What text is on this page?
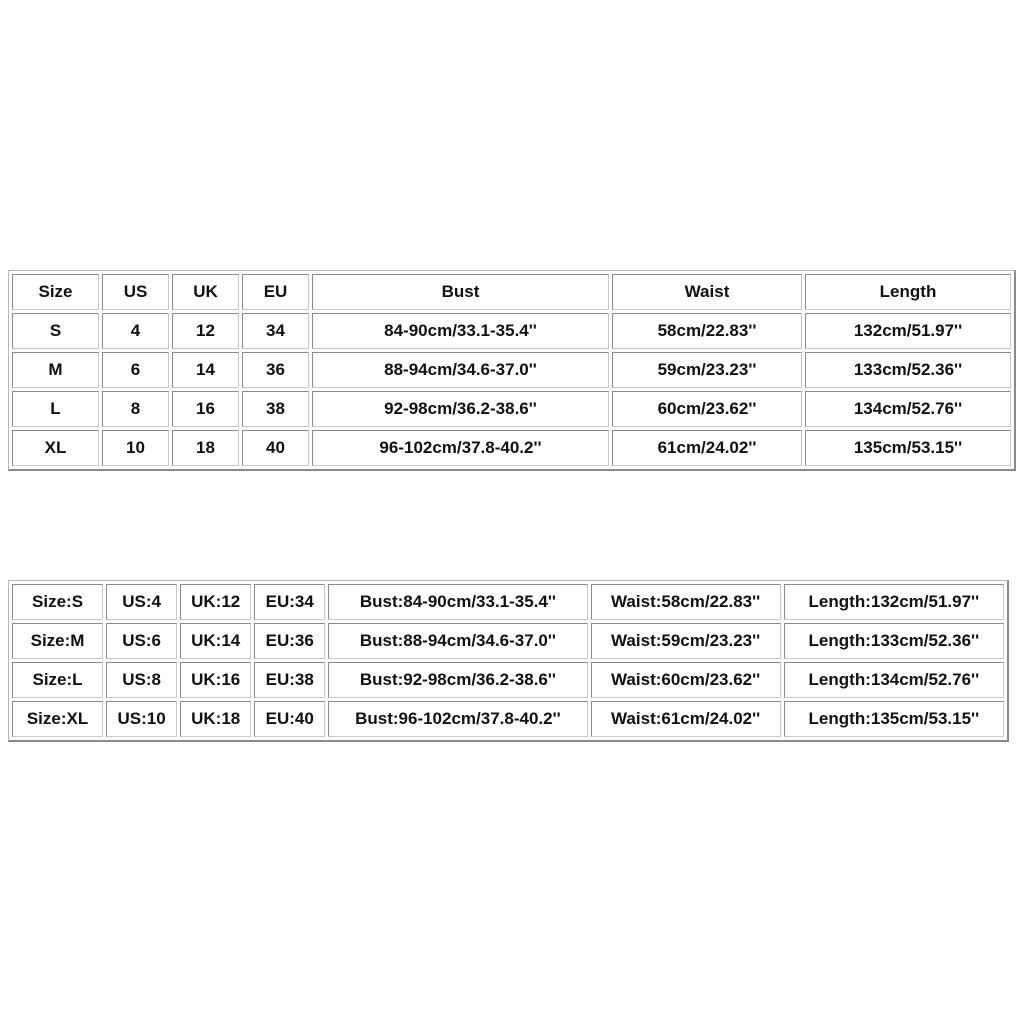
Size	US	UK	EU	Bust	Waist	Length
S	4	12	34	84-90cm/33.1-35.4''	58cm/22.83''	132cm/51.97''
M	6	14	36	88-94cm/34.6-37.0''	59cm/23.23''	133cm/52.36''
L	8	16	38	92-98cm/36.2-38.6''	60cm/23.62''	134cm/52.76''
XL	10	18	40	96-102cm/37.8-40.2''	61cm/24.02''	135cm/53.15''
Size:S	US:4	UK:12	EU:34	Bust:84-90cm/33.1-35.4''	Waist:58cm/22.83''	Length:132cm/51.97''
Size:M	US:6	UK:14	EU:36	Bust:88-94cm/34.6-37.0''	Waist:59cm/23.23''	Length:133cm/52.36''
Size:L	US:8	UK:16	EU:38	Bust:92-98cm/36.2-38.6''	Waist:60cm/23.62''	Length:134cm/52.76''
Size:XL	US:10	UK:18	EU:40	Bust:96-102cm/37.8-40.2''	Waist:61cm/24.02''	Length:135cm/53.15''
